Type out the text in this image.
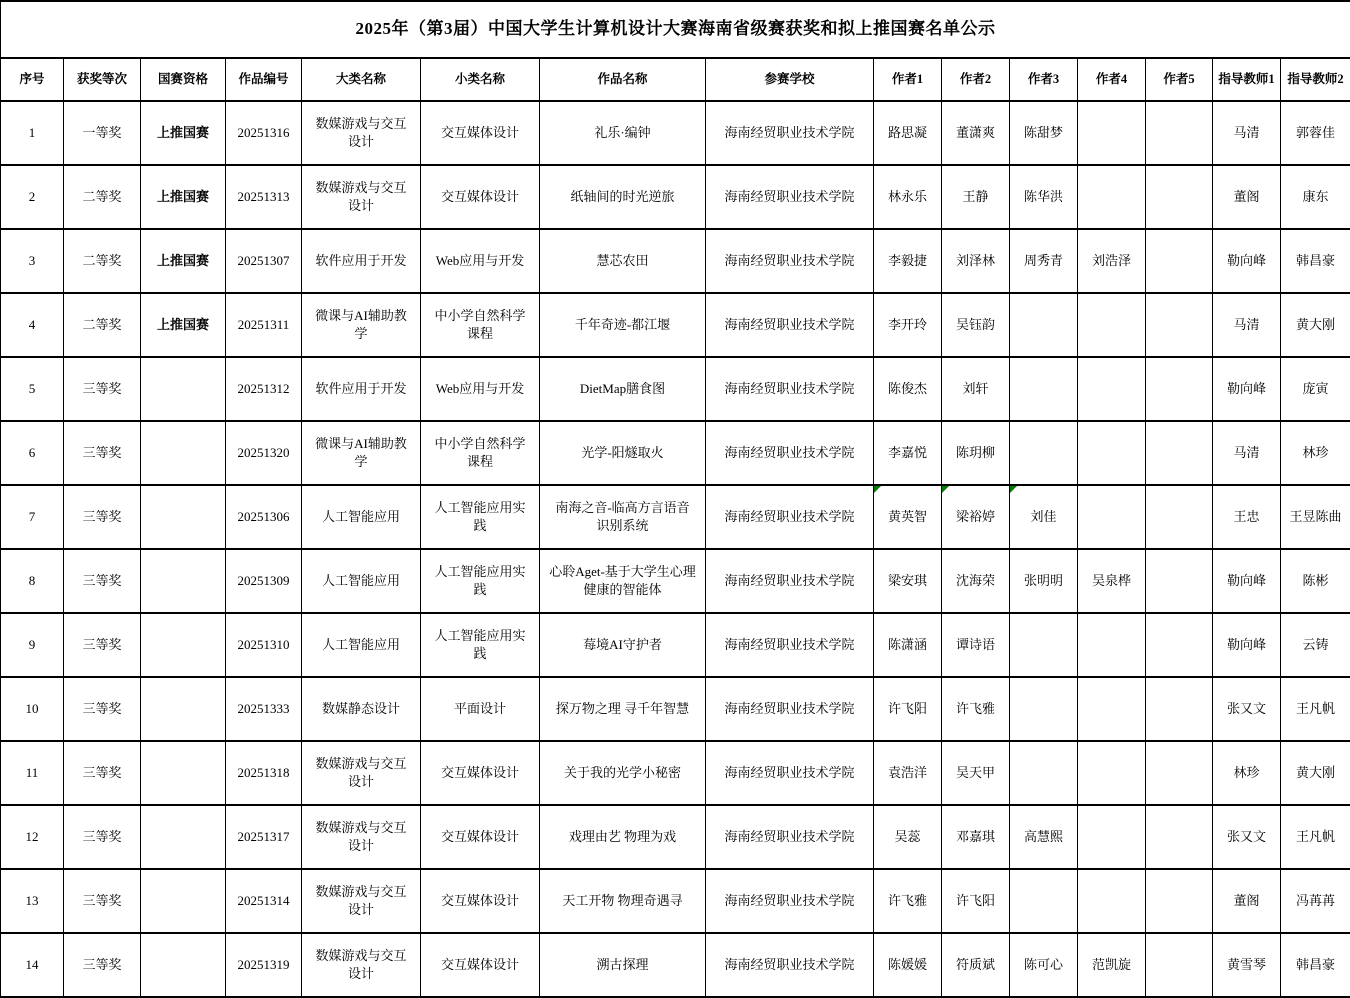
2025年（第3届）中国大学生计算机设计大赛海南省级赛获奖和拟上推国赛名单公示														
序号	获奖等次	国赛资格	作品编号	大类名称	小类名称	作品名称	参赛学校	作者1	作者2	作者3	作者4	作者5	指导教师1	指导教师2
1	一等奖	上推国赛	20251316	数媒游戏与交互设计	交互媒体设计	礼乐·编钟	海南经贸职业技术学院	路思凝	董潇爽	陈甜梦			马清	郭蓉佳
2	二等奖	上推国赛	20251313	数媒游戏与交互设计	交互媒体设计	纸轴间的时光逆旅	海南经贸职业技术学院	林永乐	王静	陈华洪			董阁	康东
3	二等奖	上推国赛	20251307	软件应用于开发	Web应用与开发	慧芯农田	海南经贸职业技术学院	李毅捷	刘泽林	周秀青	刘浩泽		勒向峰	韩昌豪
4	二等奖	上推国赛	20251311	微课与AI辅助教学	中小学自然科学课程	千年奇迹-都江堰	海南经贸职业技术学院	李开玲	吴钰韵				马清	黄大刚
5	三等奖		20251312	软件应用于开发	Web应用与开发	DietMap膳食图	海南经贸职业技术学院	陈俊杰	刘轩				勒向峰	庞寅
6	三等奖		20251320	微课与AI辅助教学	中小学自然科学课程	光学-阳燧取火	海南经贸职业技术学院	李嘉悦	陈玥柳				马清	林珍
7	三等奖		20251306	人工智能应用	人工智能应用实践	南海之音-临高方言语音识别系统	海南经贸职业技术学院	黄英智	梁裕婷	刘佳			王忠	王昱陈曲
8	三等奖		20251309	人工智能应用	人工智能应用实践	心聆Aget-基于大学生心理健康的智能体	海南经贸职业技术学院	梁安琪	沈海荣	张明明	吴泉桦		勒向峰	陈彬
9	三等奖		20251310	人工智能应用	人工智能应用实践	莓境AI守护者	海南经贸职业技术学院	陈潇涵	谭诗语				勒向峰	云铸
10	三等奖		20251333	数媒静态设计	平面设计	探万物之理 寻千年智慧	海南经贸职业技术学院	许飞阳	许飞雅				张又文	王凡帆
11	三等奖		20251318	数媒游戏与交互设计	交互媒体设计	关于我的光学小秘密	海南经贸职业技术学院	袁浩洋	吴天甲				林珍	黄大刚
12	三等奖		20251317	数媒游戏与交互设计	交互媒体设计	戏理由艺 物理为戏	海南经贸职业技术学院	吴蕊	邓嘉琪	高慧熙			张又文	王凡帆
13	三等奖		20251314	数媒游戏与交互设计	交互媒体设计	天工开物 物理奇遇寻	海南经贸职业技术学院	许飞雅	许飞阳				董阁	冯苒苒
14	三等奖		20251319	数媒游戏与交互设计	交互媒体设计	溯古探理	海南经贸职业技术学院	陈媛媛	符质斌	陈可心	范凯旋		黄雪琴	韩昌豪
